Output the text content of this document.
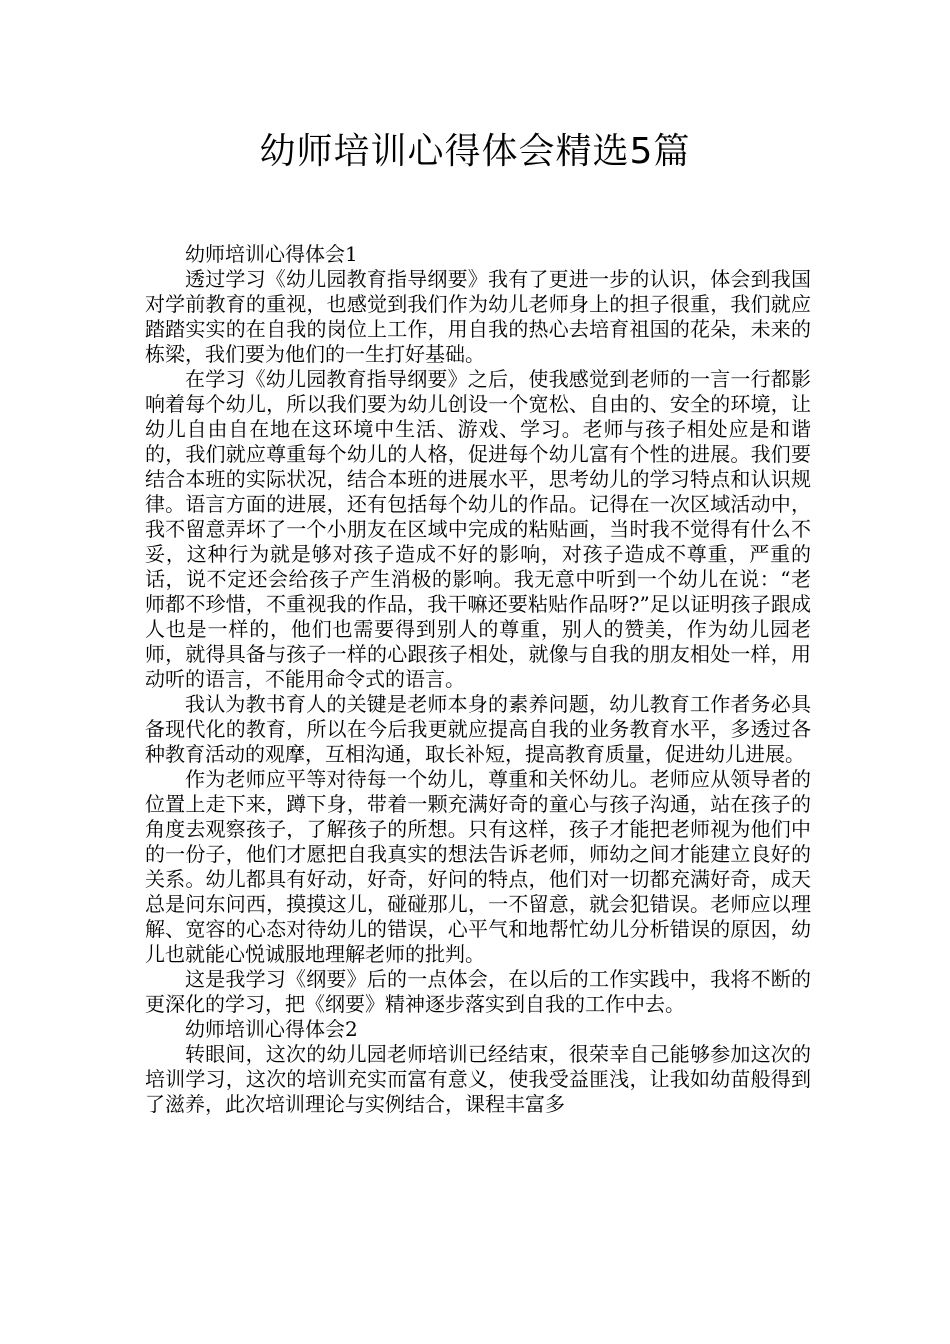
幼师培训心得体会精选5篇

幼师培训心得体会1

透过学习《幼儿园教育指导纲要》我有了更进一步的认识，体会到我国对学前教育的重视，也感觉到我们作为幼儿老师身上的担子很重，我们就应踏踏实实的在自我的岗位上工作，用自我的热心去培育祖国的花朵，未来的栋梁，我们要为他们的一生打好基础。

在学习《幼儿园教育指导纲要》之后，使我感觉到老师的一言一行都影响着每个幼儿，所以我们要为幼儿创设一个宽松、自由的、安全的环境，让幼儿自由自在地在这环境中生活、游戏、学习。老师与孩子相处应是和谐的，我们就应尊重每个幼儿的人格，促进每个幼儿富有个性的进展。我们要结合本班的实际状况，结合本班的进展水平，思考幼儿的学习特点和认识规律。语言方面的进展，还有包括每个幼儿的作品。记得在一次区域活动中，我不留意弄坏了一个小朋友在区域中完成的粘贴画，当时我不觉得有什么不妥，这种行为就是够对孩子造成不好的影响，对孩子造成不尊重，严重的话，说不定还会给孩子产生消极的影响。我无意中听到一个幼儿在说：“老师都不珍惜，不重视我的作品，我干嘛还要粘贴作品呀?”足以证明孩子跟成人也是一样的，他们也需要得到别人的尊重，别人的赞美，作为幼儿园老师，就得具备与孩子一样的心跟孩子相处，就像与自我的朋友相处一样，用动听的语言，不能用命令式的语言。

我认为教书育人的关键是老师本身的素养问题，幼儿教育工作者务必具备现代化的教育，所以在今后我更就应提高自我的业务教育水平，多透过各种教育活动的观摩，互相沟通，取长补短，提高教育质量，促进幼儿进展。

作为老师应平等对待每一个幼儿，尊重和关怀幼儿。老师应从领导者的位置上走下来，蹲下身，带着一颗充满好奇的童心与孩子沟通，站在孩子的角度去观察孩子，了解孩子的所想。只有这样，孩子才能把老师视为他们中的一份子，他们才愿把自我真实的想法告诉老师，师幼之间才能建立良好的关系。幼儿都具有好动，好奇，好问的特点，他们对一切都充满好奇，成天总是问东问西，摸摸这儿，碰碰那儿，一不留意，就会犯错误。老师应以理解、宽容的心态对待幼儿的错误，心平气和地帮忙幼儿分析错误的原因，幼儿也就能心悦诚服地理解老师的批判。

这是我学习《纲要》后的一点体会，在以后的工作实践中，我将不断的更深化的学习，把《纲要》精神逐步落实到自我的工作中去。

幼师培训心得体会2

转眼间，这次的幼儿园老师培训已经结束，很荣幸自己能够参加这次的培训学习，这次的培训充实而富有意义，使我受益匪浅，让我如幼苗般得到了滋养，此次培训理论与实例结合，课程丰富多
